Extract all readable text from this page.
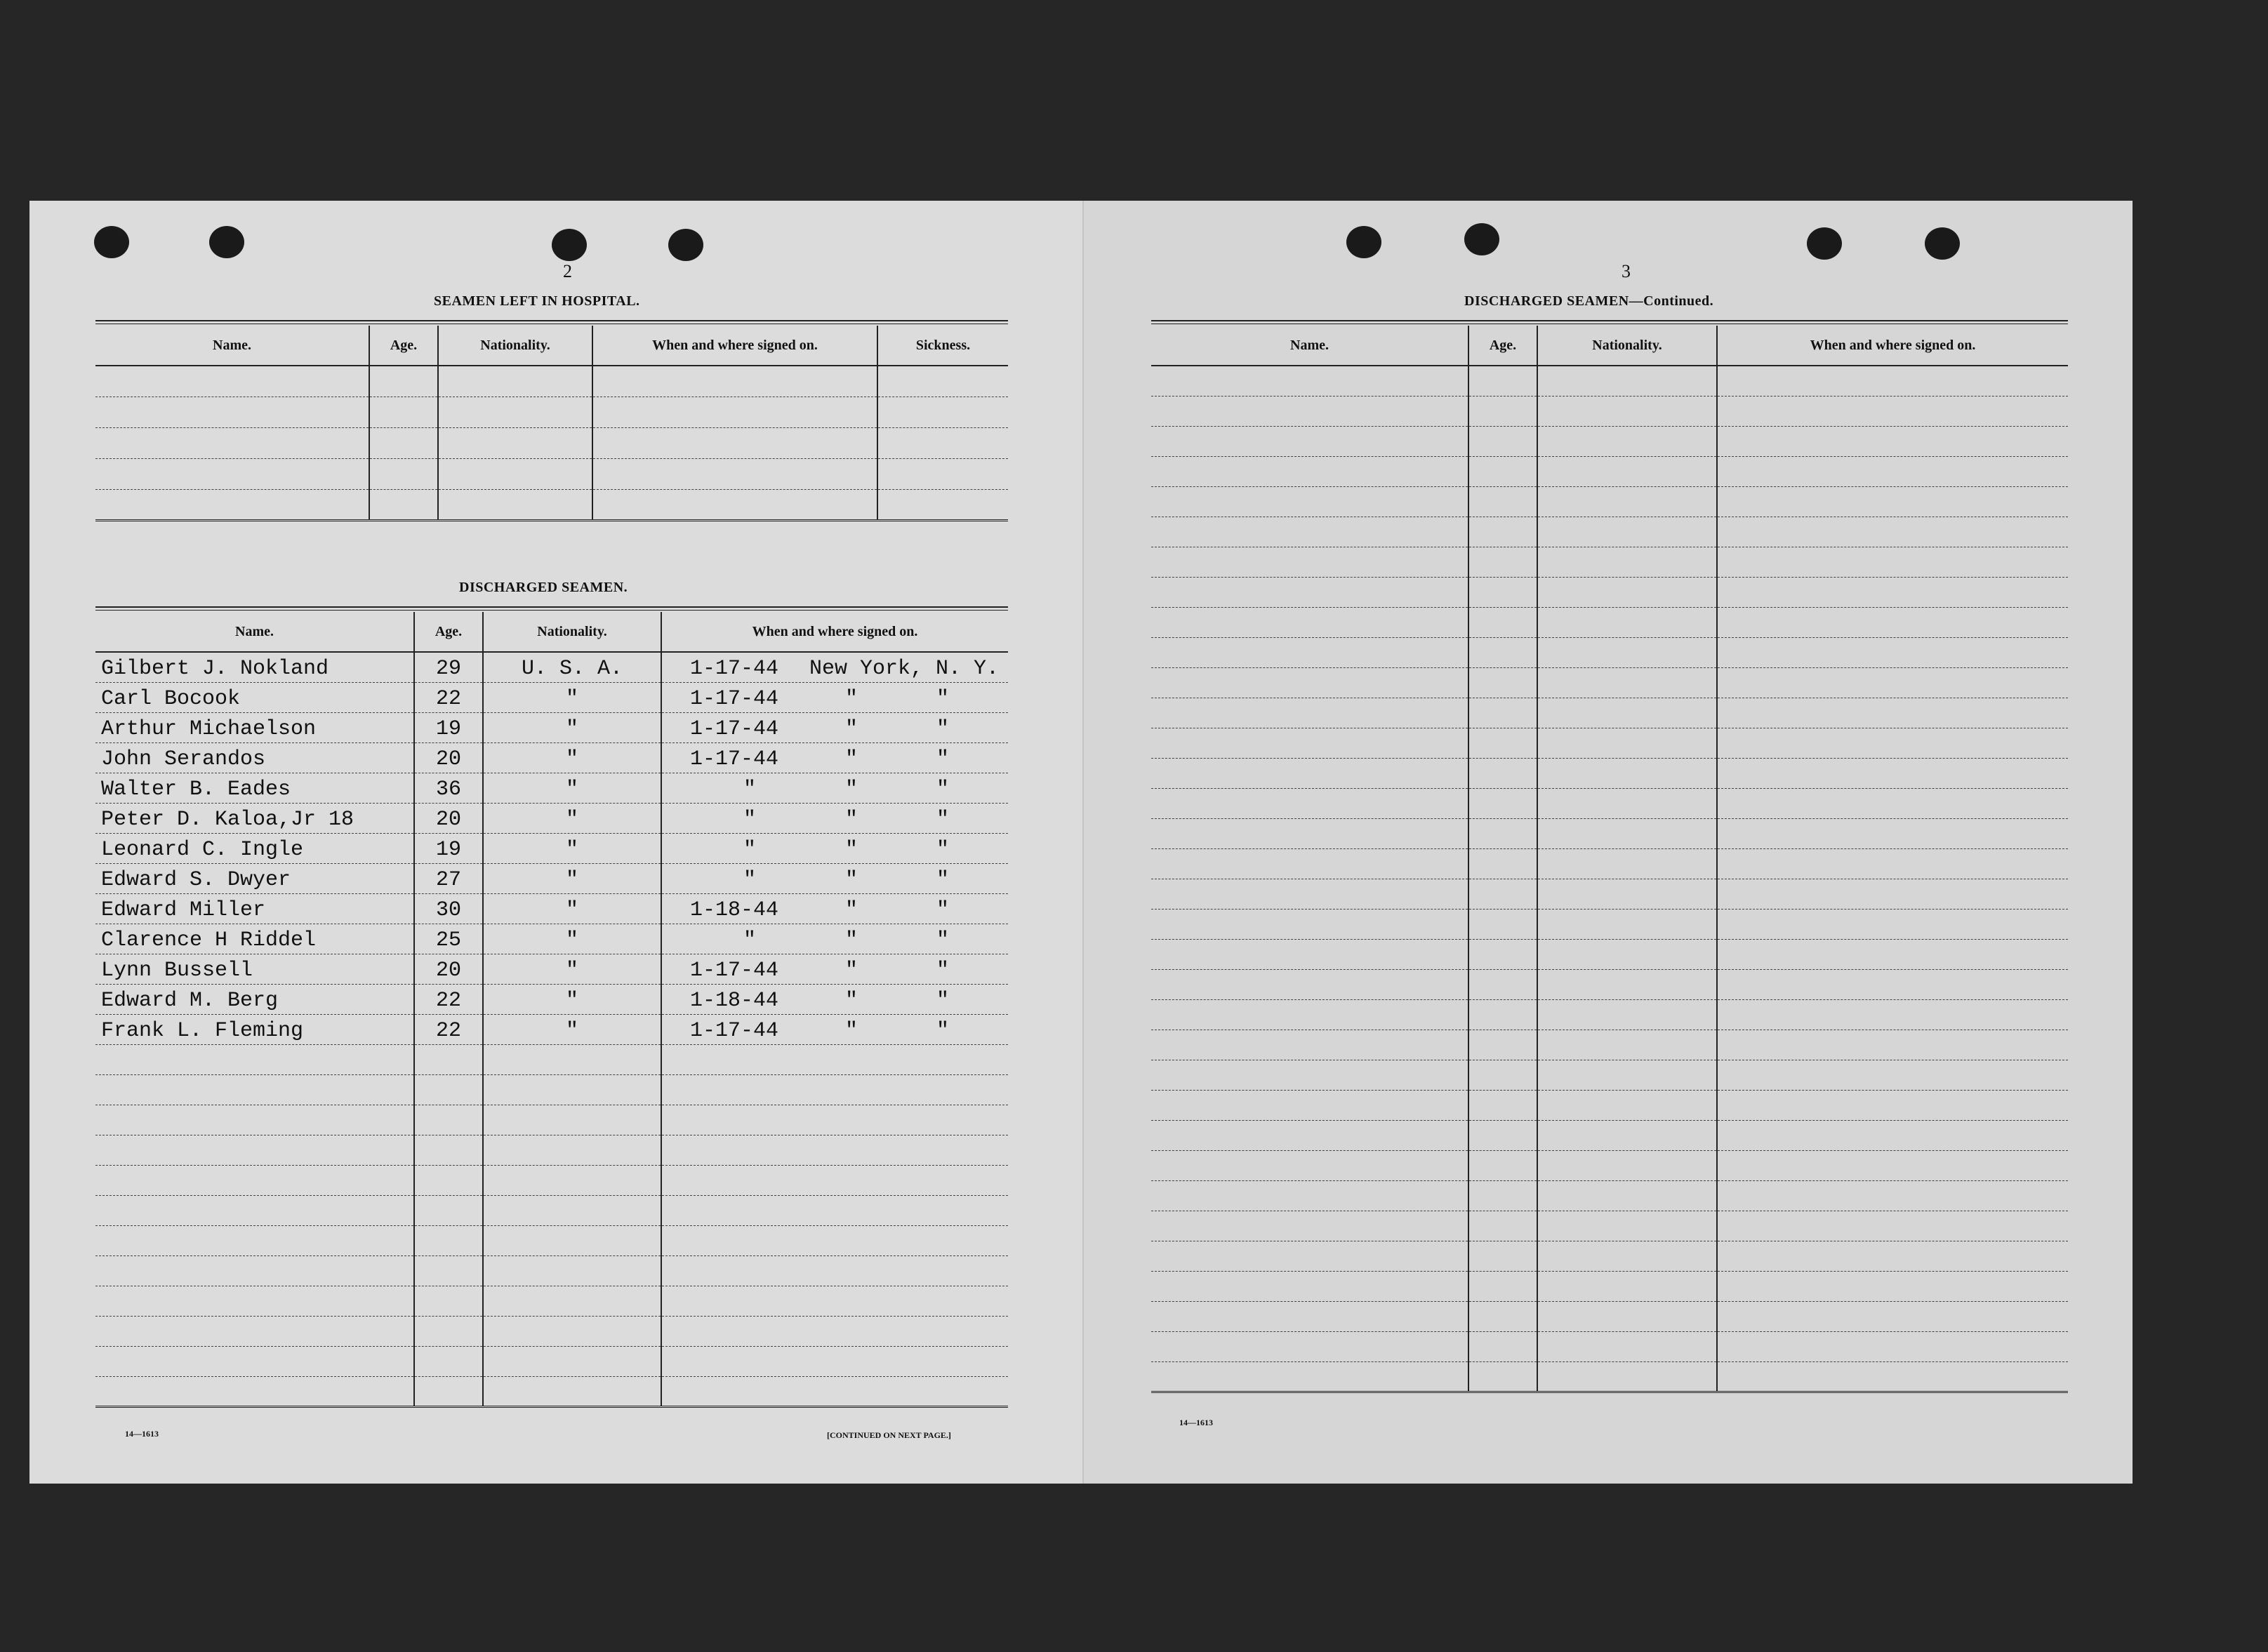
2
SEAMEN LEFT IN HOSPITAL.
Name.	Age.	Nationality.	When and where signed on.	Sickness.

DISCHARGED SEAMEN.
Name.	Age.	Nationality.	When and where signed on.
Gilbert J. Nokland	29	U. S. A.	1-17-44 New York, N. Y.
Carl Bocook	22	"	1-17-44 " "
Arthur Michaelson	19	"	1-17-44 " "
John Serandos	20	"	1-17-44 " "
Walter B. Eades	36	"	" " "
Peter D. Kaloa,Jr 18	20	"	" " "
Leonard C. Ingle	19	"	" " "
Edward S. Dwyer	27	"	" " "
Edward Miller	30	"	1-18-44 " "
Clarence H Riddel	25	"	" " "
Lynn Bussell	20	"	1-17-44 " "
Edward M. Berg	22	"	1-18-44 " "
Frank L. Fleming	22	"	1-17-44 " "

14—1613	[CONTINUED ON NEXT PAGE.]
3
DISCHARGED SEAMEN—Continued.
Name.	Age.	Nationality.	When and where signed on.

14—1613
